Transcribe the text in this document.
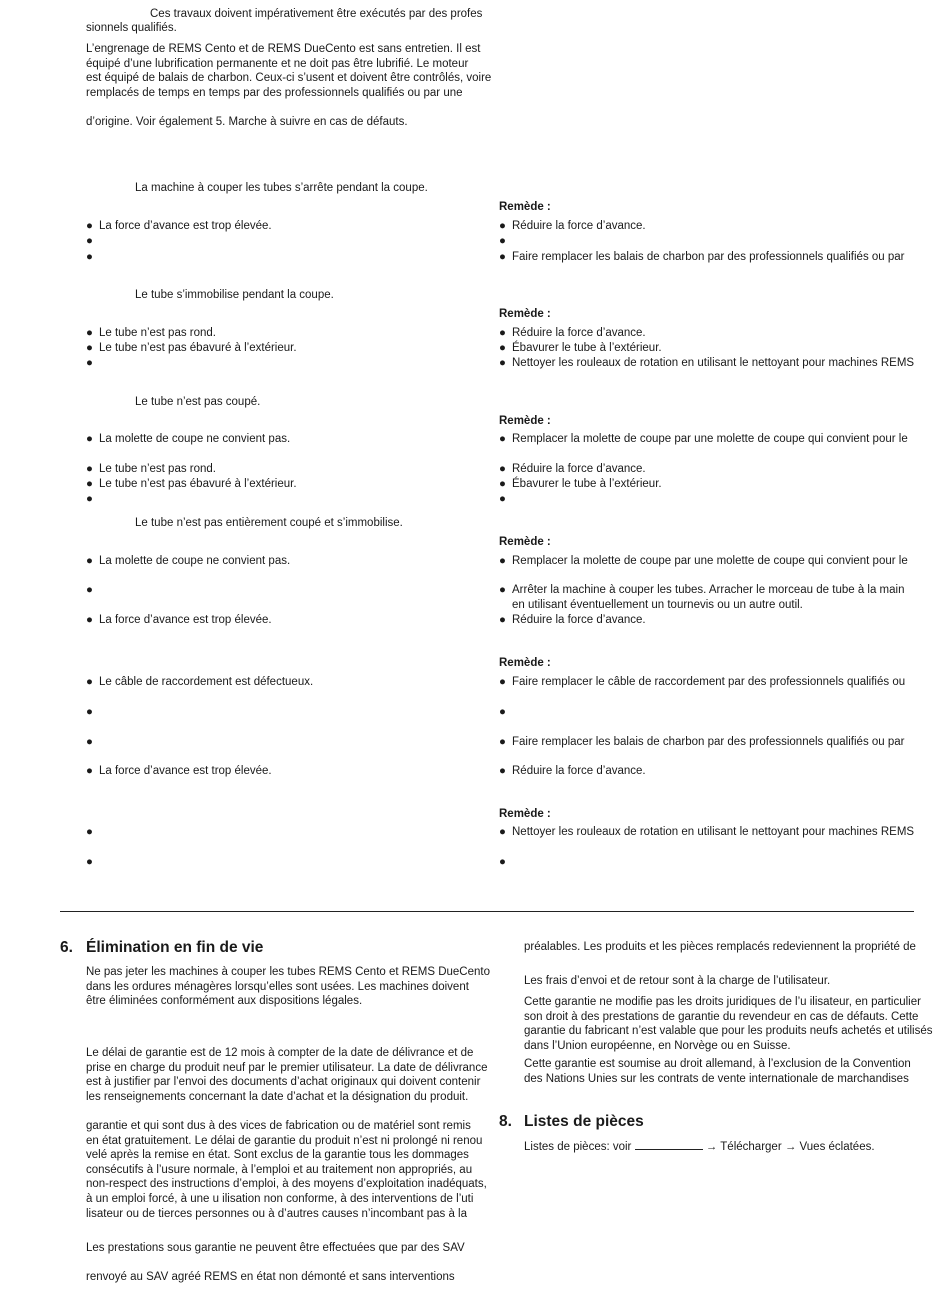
Ces travaux doivent impérativement être exécutés par des profes
sionnels qualifiés.
L’engrenage de REMS Cento et de REMS DueCento est sans entretien. Il est
équipé d’une lubrification permanente et ne doit pas être lubrifié. Le moteur
est équipé de balais de charbon. Ceux-ci s’usent et doivent être contrôlés, voire
remplacés de temps en temps par des professionnels qualifiés ou par une
d’origine. Voir également 5. Marche à suivre en cas de défauts.
La machine à couper les tubes s’arrête pendant la coupe.
Remède :
● La force d’avance est trop élevée.
●
●
● Réduire la force d’avance.
●
● Faire remplacer les balais de charbon par des professionnels qualifiés ou par
Le tube s’immobilise pendant la coupe.
Remède :
● Le tube n’est pas rond.
● Le tube n’est pas ébavuré à l’extérieur.
●
● Réduire la force d’avance.
● Ébavurer le tube à l’extérieur.
● Nettoyer les rouleaux de rotation en utilisant le nettoyant pour machines REMS
Le tube n’est pas coupé.
Remède :
● La molette de coupe ne convient pas.
● Le tube n’est pas rond.
● Le tube n’est pas ébavuré à l’extérieur.
●
● Remplacer la molette de coupe par une molette de coupe qui convient pour le
● Réduire la force d’avance.
● Ébavurer le tube à l’extérieur.
●
Le tube n’est pas entièrement coupé et s’immobilise.
Remède :
● La molette de coupe ne convient pas.
●
● La force d’avance est trop élevée.
● Remplacer la molette de coupe par une molette de coupe qui convient pour le
● Arrêter la machine à couper les tubes. Arracher le morceau de tube à la main
en utilisant éventuellement un tournevis ou un autre outil.
● Réduire la force d’avance.
Remède :
● Le câble de raccordement est défectueux.
●
●
● La force d’avance est trop élevée.
● Faire remplacer le câble de raccordement par des professionnels qualifiés ou
●
● Faire remplacer les balais de charbon par des professionnels qualifiés ou par
● Réduire la force d’avance.
Remède :
●
●
● Nettoyer les rouleaux de rotation en utilisant le nettoyant pour machines REMS
●
6. Élimination en fin de vie
Ne pas jeter les machines à couper les tubes REMS Cento et REMS DueCento
dans les ordures ménagères lorsqu’elles sont usées. Les machines doivent
être éliminées conformément aux dispositions légales.
Le délai de garantie est de 12 mois à compter de la date de délivrance et de
prise en charge du produit neuf par le premier utilisateur. La date de délivrance
est à justifier par l’envoi des documents d’achat originaux qui doivent contenir
les renseignements concernant la date d’achat et la désignation du produit.
garantie et qui sont dus à des vices de fabrication ou de matériel sont remis
en état gratuitement. Le délai de garantie du produit n’est ni prolongé ni renou
velé après la remise en état. Sont exclus de la garantie tous les dommages
consécutifs à l’usure normale, à l’emploi et au traitement non appropriés, au
non-respect des instructions d’emploi, à des moyens d’exploitation inadéquats,
à un emploi forcé, à une u ilisation non conforme, à des interventions de l’uti
lisateur ou de tierces personnes ou à d’autres causes n’incombant pas à la
Les prestations sous garantie ne peuvent être effectuées que par des SAV
renvoyé au SAV agréé REMS en état non démonté et sans interventions
préalables. Les produits et les pièces remplacés redeviennent la propriété de
Les frais d’envoi et de retour sont à la charge de l’utilisateur.
Cette garantie ne modifie pas les droits juridiques de l’u ilisateur, en particulier
son droit à des prestations de garantie du revendeur en cas de défauts. Cette
garantie du fabricant n’est valable que pour les produits neufs achetés et utilisés
dans l’Union européenne, en Norvège ou en Suisse.
Cette garantie est soumise au droit allemand, à l’exclusion de la Convention
des Nations Unies sur les contrats de vente internationale de marchandises
8. Listes de pièces
Listes de pièces: voir	→ Télécharger → Vues éclatées.
